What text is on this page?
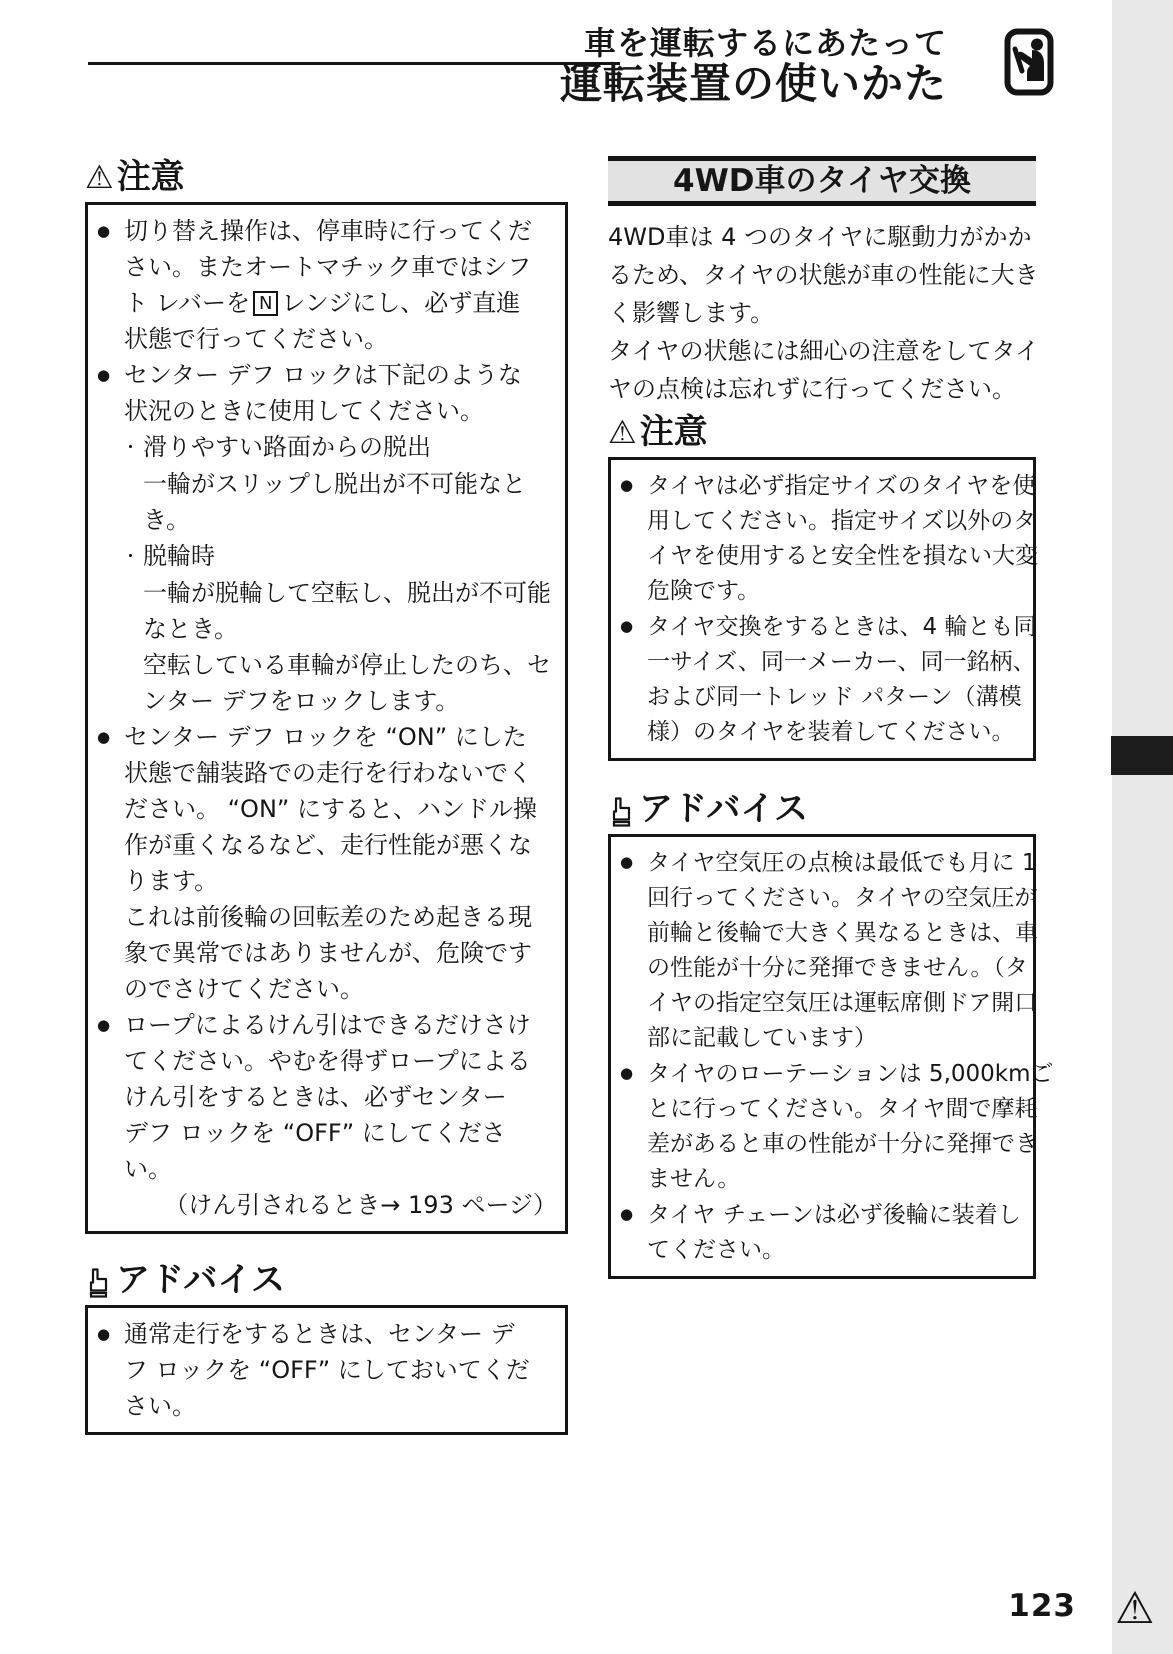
車を運転するにあたって
運転装置の使いかた
⚠ 注意
● 切り替え操作は、停車時に行ってくだ
さい。またオートマチック車ではシフ
ト レバーを N レンジにし、必ず直進
状態で行ってください。
● センター デフ ロックは下記のような
状況のときに使用してください。
・ 滑りやすい路面からの脱出
一輪がスリップし脱出が不可能なと
き。
・ 脱輪時
一輪が脱輪して空転し、脱出が不可能
なとき。
空転している車輪が停止したのち、セ
ンター デフをロックします。
● センター デフ ロックを “ON” にした
状態で舗装路での走行を行わないでく
ださい。 “ON” にすると、ハンドル操
作が重くなるなど、走行性能が悪くな
ります。
これは前後輪の回転差のため起きる現
象で異常ではありませんが、危険です
のでさけてください。
● ロープによるけん引はできるだけさけ
てください。やむを得ずロープによる
けん引をするときは、必ずセンター
デフ ロックを “OFF” にしてくださ
い。
（けん引されるとき→ 193 ページ）
アドバイス
● 通常走行をするときは、センター デ
フ ロックを “OFF” にしておいてくだ
さい。
4WD車のタイヤ交換
4WD車は 4 つのタイヤに駆動力がかか
るため、タイヤの状態が車の性能に大き
く影響します。
タイヤの状態には細心の注意をしてタイ
ヤの点検は忘れずに行ってください。
⚠ 注意
● タイヤは必ず指定サイズのタイヤを使
用してください。指定サイズ以外のタ
イヤを使用すると安全性を損ない大変
危険です。
● タイヤ交換をするときは、4 輪とも同
一サイズ、同一メーカー、同一銘柄、
および同一トレッド パターン（溝模
様）のタイヤを装着してください。
アドバイス
● タイヤ空気圧の点検は最低でも月に 1
回行ってください。タイヤの空気圧が
前輪と後輪で大きく異なるときは、車
の性能が十分に発揮できません。（タ
イヤの指定空気圧は運転席側ドア開口
部に記載しています）
● タイヤのローテーションは 5,000kmご
とに行ってください。タイヤ間で摩耗
差があると車の性能が十分に発揮でき
ません。
● タイヤ チェーンは必ず後輪に装着し
てください。
123 ⚠
